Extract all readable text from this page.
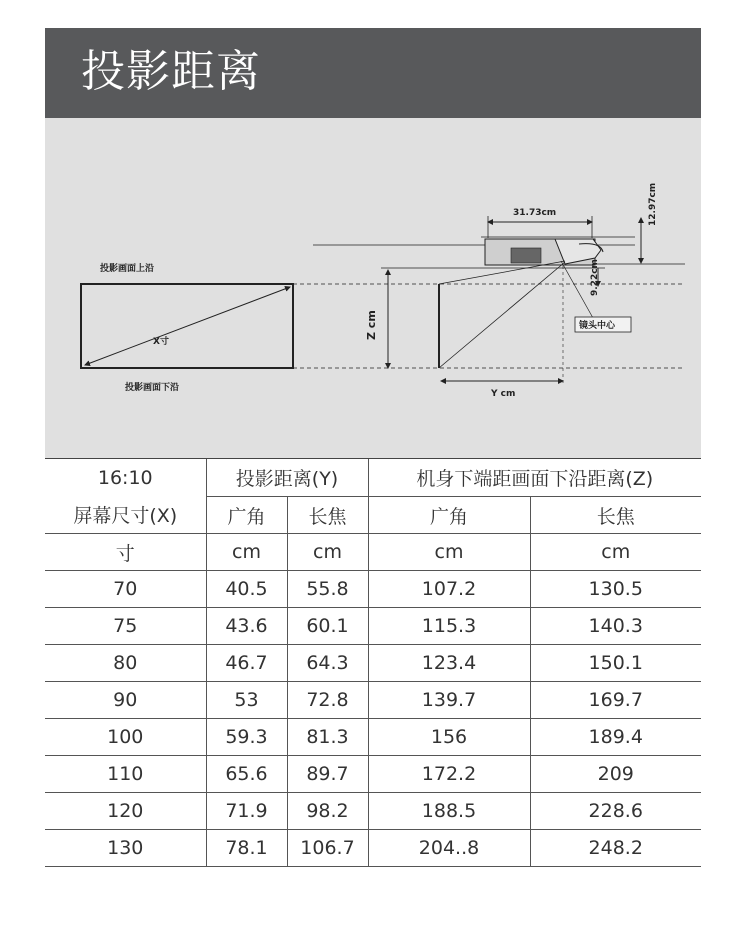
投影距离
投影画面上沿
X寸
投影画面下沿
31.73cm	12.97cm
9.22cm
Z cm
Y cm
镜头中心
16:10	投影距离(Y)		机身下端距画面下沿距离(Z)	
屏幕尺寸(X)	广角	长焦	广角	长焦
寸	cm	cm	cm	cm
70	40.5	55.8	107.2	130.5
75	43.6	60.1	115.3	140.3
80	46.7	64.3	123.4	150.1
90	53	72.8	139.7	169.7
100	59.3	81.3	156	189.4
110	65.6	89.7	172.2	209
120	71.9	98.2	188.5	228.6
130	78.1	106.7	204..8	248.2
